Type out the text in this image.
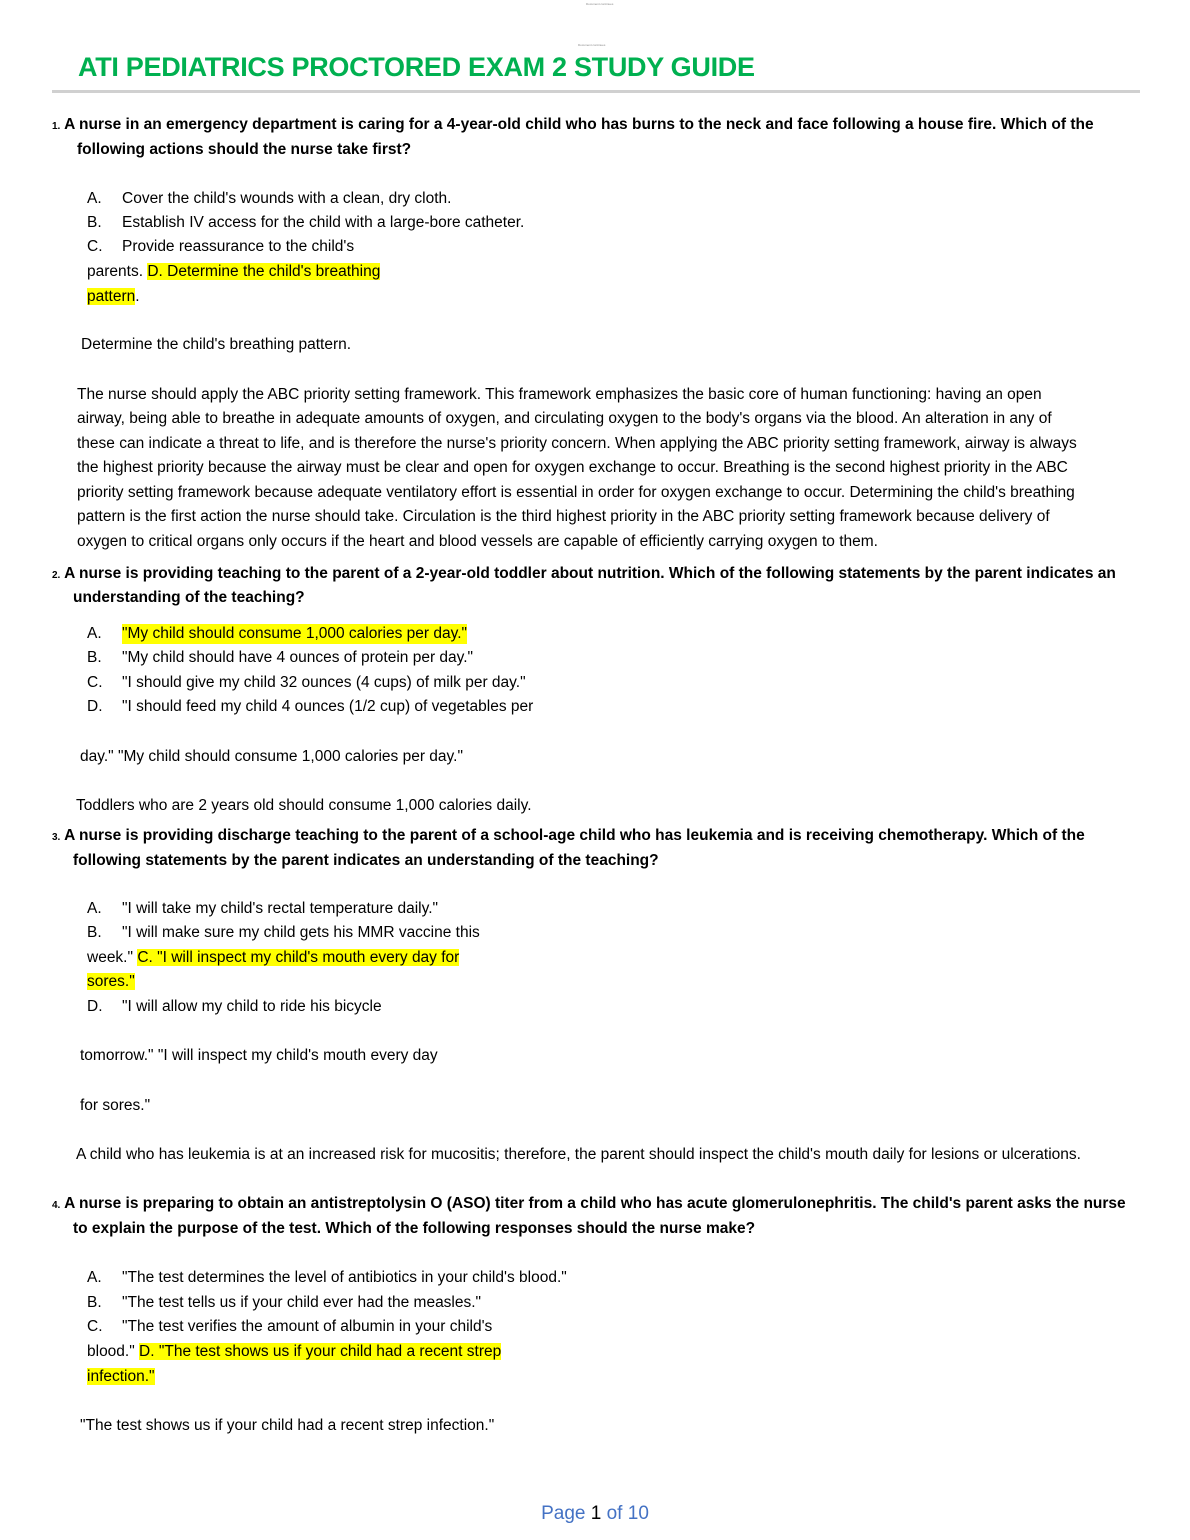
Document continues
Document continues
ATI PEDIATRICS PROCTORED EXAM 2 STUDY GUIDE
1. A nurse in an emergency department is caring for a 4-year-old child who has burns to the neck and face following a house fire. Which of the
following actions should the nurse take first?
A. Cover the child's wounds with a clean, dry cloth.
B. Establish IV access for the child with a large-bore catheter.
C. Provide reassurance to the child's
parents. D. Determine the child's breathing
pattern.
Determine the child's breathing pattern.
The nurse should apply the ABC priority setting framework. This framework emphasizes the basic core of human functioning: having an open
airway, being able to breathe in adequate amounts of oxygen, and circulating oxygen to the body's organs via the blood. An alteration in any of
these can indicate a threat to life, and is therefore the nurse's priority concern. When applying the ABC priority setting framework, airway is always
the highest priority because the airway must be clear and open for oxygen exchange to occur. Breathing is the second highest priority in the ABC
priority setting framework because adequate ventilatory effort is essential in order for oxygen exchange to occur. Determining the child's breathing
pattern is the first action the nurse should take. Circulation is the third highest priority in the ABC priority setting framework because delivery of
oxygen to critical organs only occurs if the heart and blood vessels are capable of efficiently carrying oxygen to them.
2. A nurse is providing teaching to the parent of a 2-year-old toddler about nutrition. Which of the following statements by the parent indicates an
understanding of the teaching?
A. "My child should consume 1,000 calories per day."
B. "My child should have 4 ounces of protein per day."
C. "I should give my child 32 ounces (4 cups) of milk per day."
D. "I should feed my child 4 ounces (1/2 cup) of vegetables per
day." "My child should consume 1,000 calories per day."
Toddlers who are 2 years old should consume 1,000 calories daily.
3. A nurse is providing discharge teaching to the parent of a school-age child who has leukemia and is receiving chemotherapy. Which of the
following statements by the parent indicates an understanding of the teaching?
A. "I will take my child's rectal temperature daily."
B. "I will make sure my child gets his MMR vaccine this
week." C. "I will inspect my child's mouth every day for
sores."
D. "I will allow my child to ride his bicycle
tomorrow." "I will inspect my child's mouth every day
for sores."
A child who has leukemia is at an increased risk for mucositis; therefore, the parent should inspect the child's mouth daily for lesions or ulcerations.
4. A nurse is preparing to obtain an antistreptolysin O (ASO) titer from a child who has acute glomerulonephritis. The child's parent asks the nurse
to explain the purpose of the test. Which of the following responses should the nurse make?
A. "The test determines the level of antibiotics in your child's blood."
B. "The test tells us if your child ever had the measles."
C. "The test verifies the amount of albumin in your child's
blood." D. "The test shows us if your child had a recent strep
infection."
"The test shows us if your child had a recent strep infection."
Page 1 of 10
